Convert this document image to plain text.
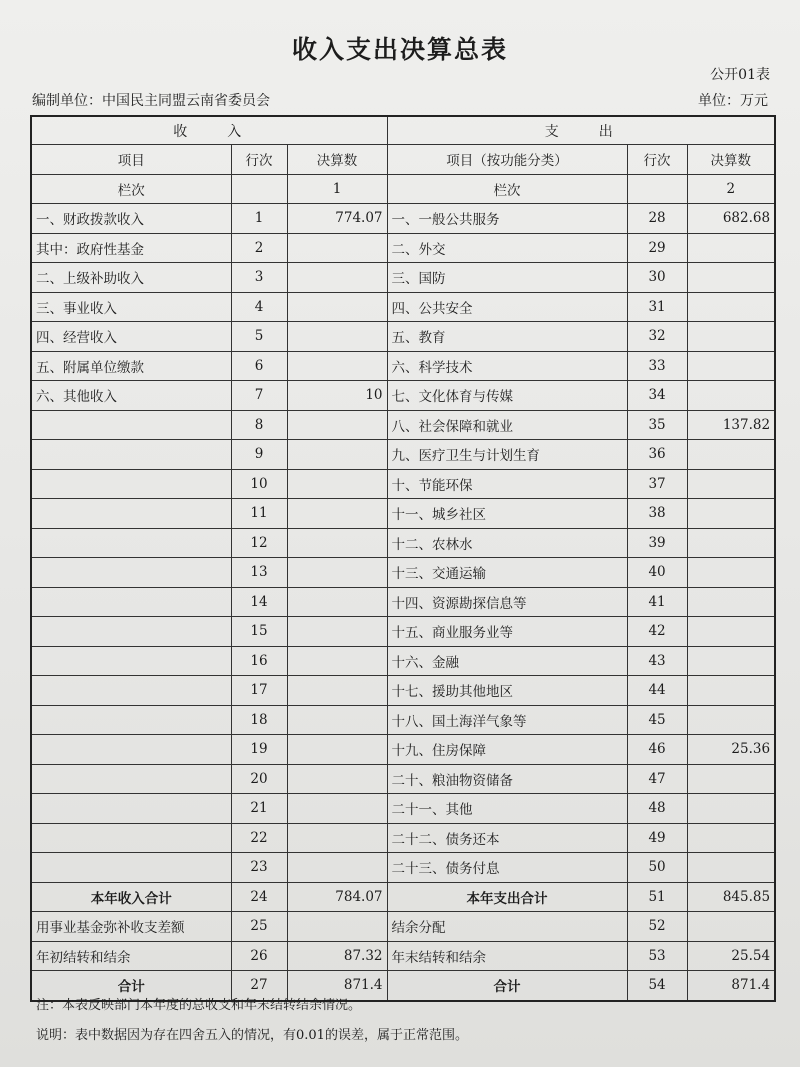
收入支出决算总表
公开01表
编制单位：中国民主同盟云南省委员会	单位：万元
收　　入			支　　出		
项目	行次	决算数	项目（按功能分类）	行次	决算数
栏次		1	栏次		2
一、财政拨款收入	1	774.07	一、一般公共服务	28	682.68
其中：政府性基金	2		二、外交	29	
二、上级补助收入	3		三、国防	30	
三、事业收入	4		四、公共安全	31	
四、经营收入	5		五、教育	32	
五、附属单位缴款	6		六、科学技术	33	
六、其他收入	7	10	七、文化体育与传媒	34	
	8		八、社会保障和就业	35	137.82
	9		九、医疗卫生与计划生育	36	
	10		十、节能环保	37	
	11		十一、城乡社区	38	
	12		十二、农林水	39	
	13		十三、交通运输	40	
	14		十四、资源勘探信息等	41	
	15		十五、商业服务业等	42	
	16		十六、金融	43	
	17		十七、援助其他地区	44	
	18		十八、国土海洋气象等	45	
	19		十九、住房保障	46	25.36
	20		二十、粮油物资储备	47	
	21		二十一、其他	48	
	22		二十二、债务还本	49	
	23		二十三、债务付息	50	
本年收入合计	24	784.07	本年支出合计	51	845.85
用事业基金弥补收支差额	25		结余分配	52	
年初结转和结余	26	87.32	年末结转和结余	53	25.54
合计	27	871.4	合计	54	871.4
注：本表反映部门本年度的总收支和年末结转结余情况。
说明：表中数据因为存在四舍五入的情况，有0.01的误差，属于正常范围。
